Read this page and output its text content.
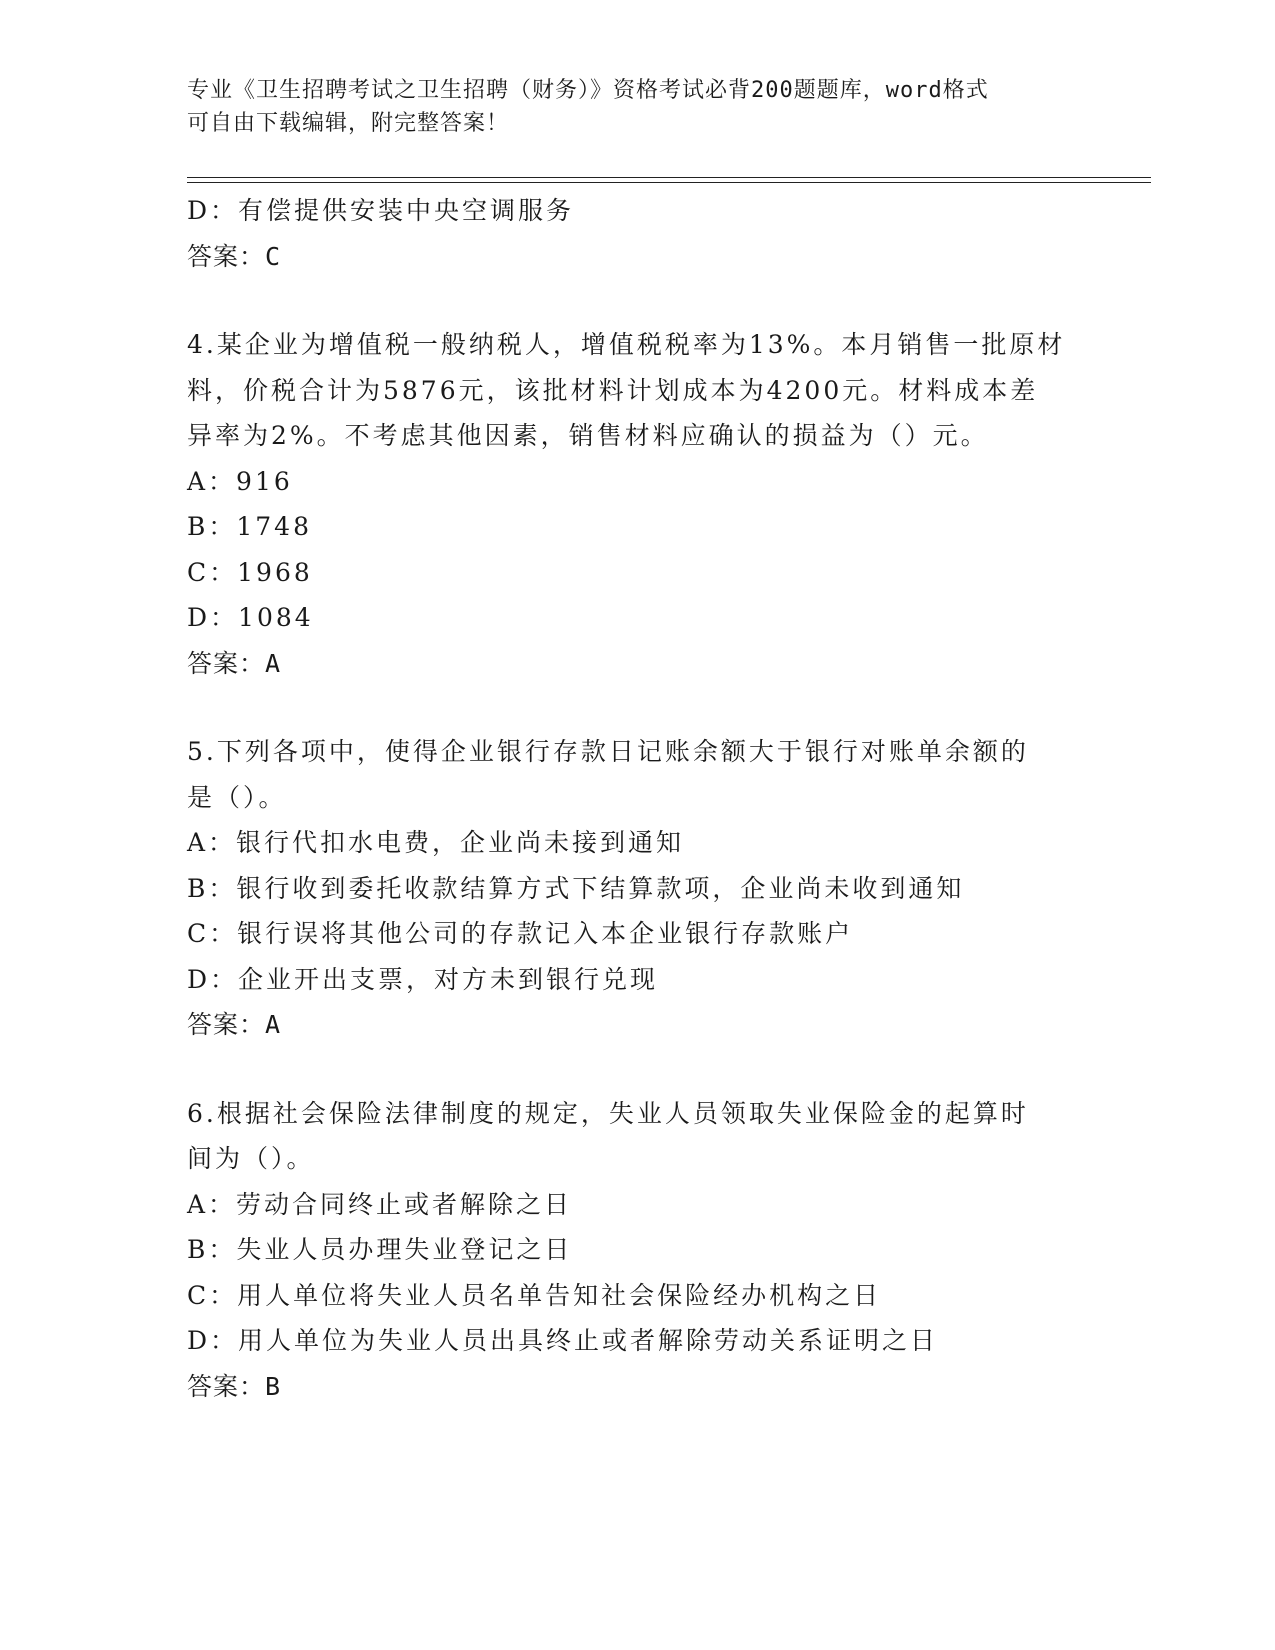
专业《卫生招聘考试之卫生招聘（财务）》资格考试必背200题题库，word格式
可自由下载编辑，附完整答案！
D：有偿提供安装中央空调服务
答案：C
4.某企业为增值税一般纳税人，增值税税率为13%。本月销售一批原材
料，价税合计为5876元，该批材料计划成本为4200元。材料成本差
异率为2%。不考虑其他因素，销售材料应确认的损益为（）元。
A：916
B：1748
C：1968
D：1084
答案：A
5.下列各项中，使得企业银行存款日记账余额大于银行对账单余额的
是（）。
A：银行代扣水电费，企业尚未接到通知
B：银行收到委托收款结算方式下结算款项，企业尚未收到通知
C：银行误将其他公司的存款记入本企业银行存款账户
D：企业开出支票，对方未到银行兑现
答案：A
6.根据社会保险法律制度的规定，失业人员领取失业保险金的起算时
间为（）。
A：劳动合同终止或者解除之日
B：失业人员办理失业登记之日
C：用人单位将失业人员名单告知社会保险经办机构之日
D：用人单位为失业人员出具终止或者解除劳动关系证明之日
答案：B
